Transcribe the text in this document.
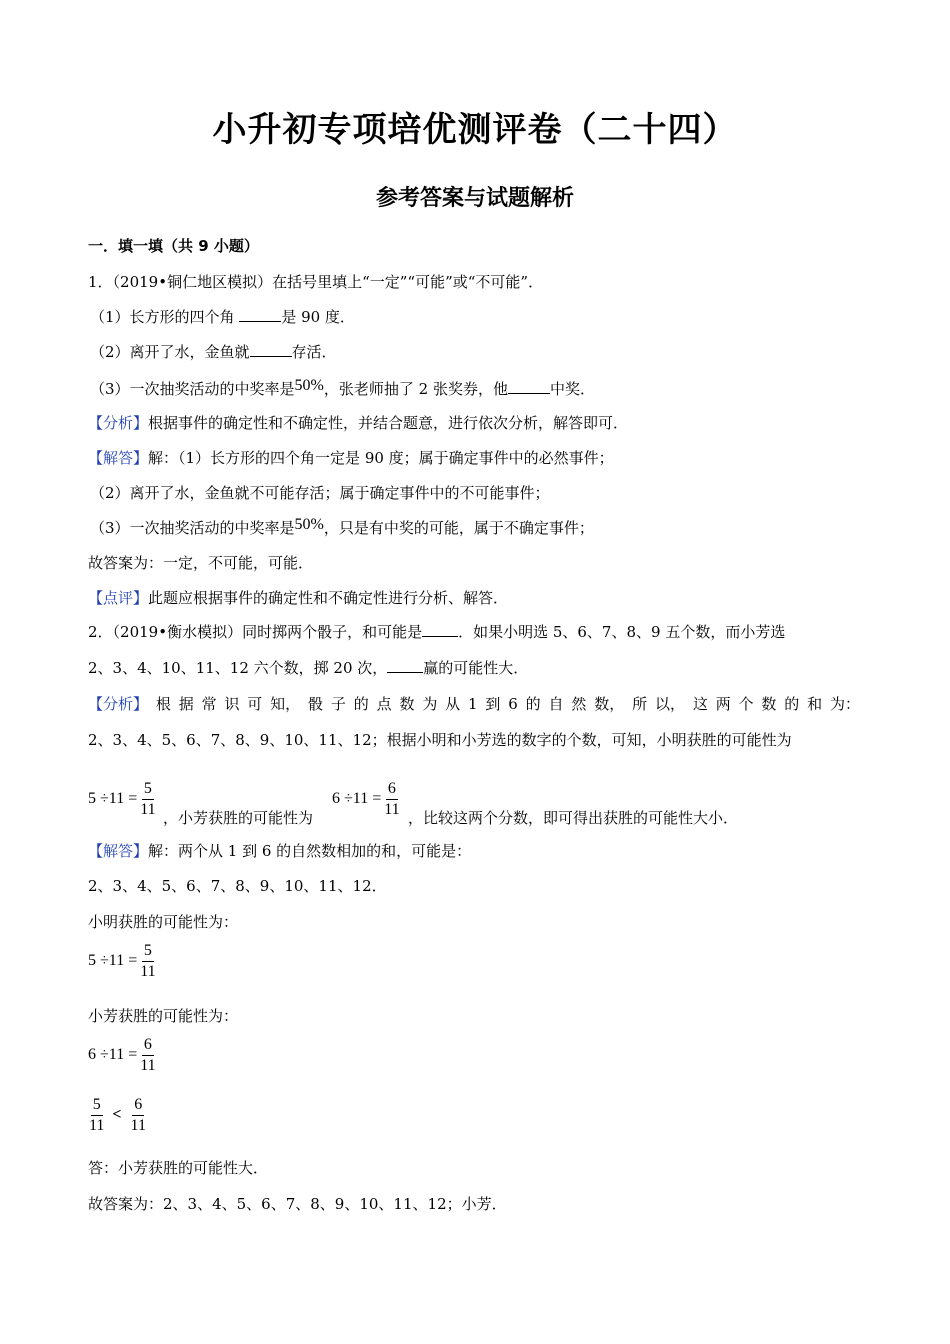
小升初专项培优测评卷（二十四）
参考答案与试题解析
一．填一填（共 9 小题）
1．（2019•铜仁地区模拟）在括号里填上“一定”“可能”或“不可能”．
（1）长方形的四个角	是 90 度．
（2）离开了水，金鱼就	存活．
（3）一次抽奖活动的中奖率是50%，张老师抽了 2 张奖券，他	中奖．
【分析】根据事件的确定性和不确定性，并结合题意，进行依次分析，解答即可．
【解答】解：（1）长方形的四个角一定是 90 度；属于确定事件中的必然事件；
（2）离开了水，金鱼就不可能存活；属于确定事件中的不可能事件；
（3）一次抽奖活动的中奖率是50%，只是有中奖的可能，属于不确定事件；
故答案为：一定，不可能，可能．
【点评】此题应根据事件的确定性和不确定性进行分析、解答．
2．（2019•衡水模拟）同时掷两个骰子，和可能是 ．如果小明选 5、6、7、8、9 五个数，而小芳选
2、3、4、10、11、12 六个数，掷 20 次， 赢的可能性大．
【分析】 根 据 常 识 可 知， 骰 子 的 点 数 为 从 1 到 6 的 自 然 数， 所 以， 这 两 个 数 的 和 为：
2、3、4、5、6、7、8、9、10、11、12；根据小明和小芳选的数字的个数，可知，小明获胜的可能性为
$5 \div 11 = \frac{5}{11}$ ，小芳获胜的可能性为
$6 \div 11 = \frac{6}{11}$ ，比较这两个分数，即可得出获胜的可能性大小．
【解答】解：两个从 1 到 6 的自然数相加的和，可能是：
2、3、4、5、6、7、8、9、10、11、12．
小明获胜的可能性为：
$5 \div 11 = \frac{5}{11}$
小芳获胜的可能性为：
$6 \div 11 = \frac{6}{11}$
$\frac{5}{11} < \frac{6}{11}$
答：小芳获胜的可能性大．
故答案为：2、3、4、5、6、7、8、9、10、11、12；小芳．
